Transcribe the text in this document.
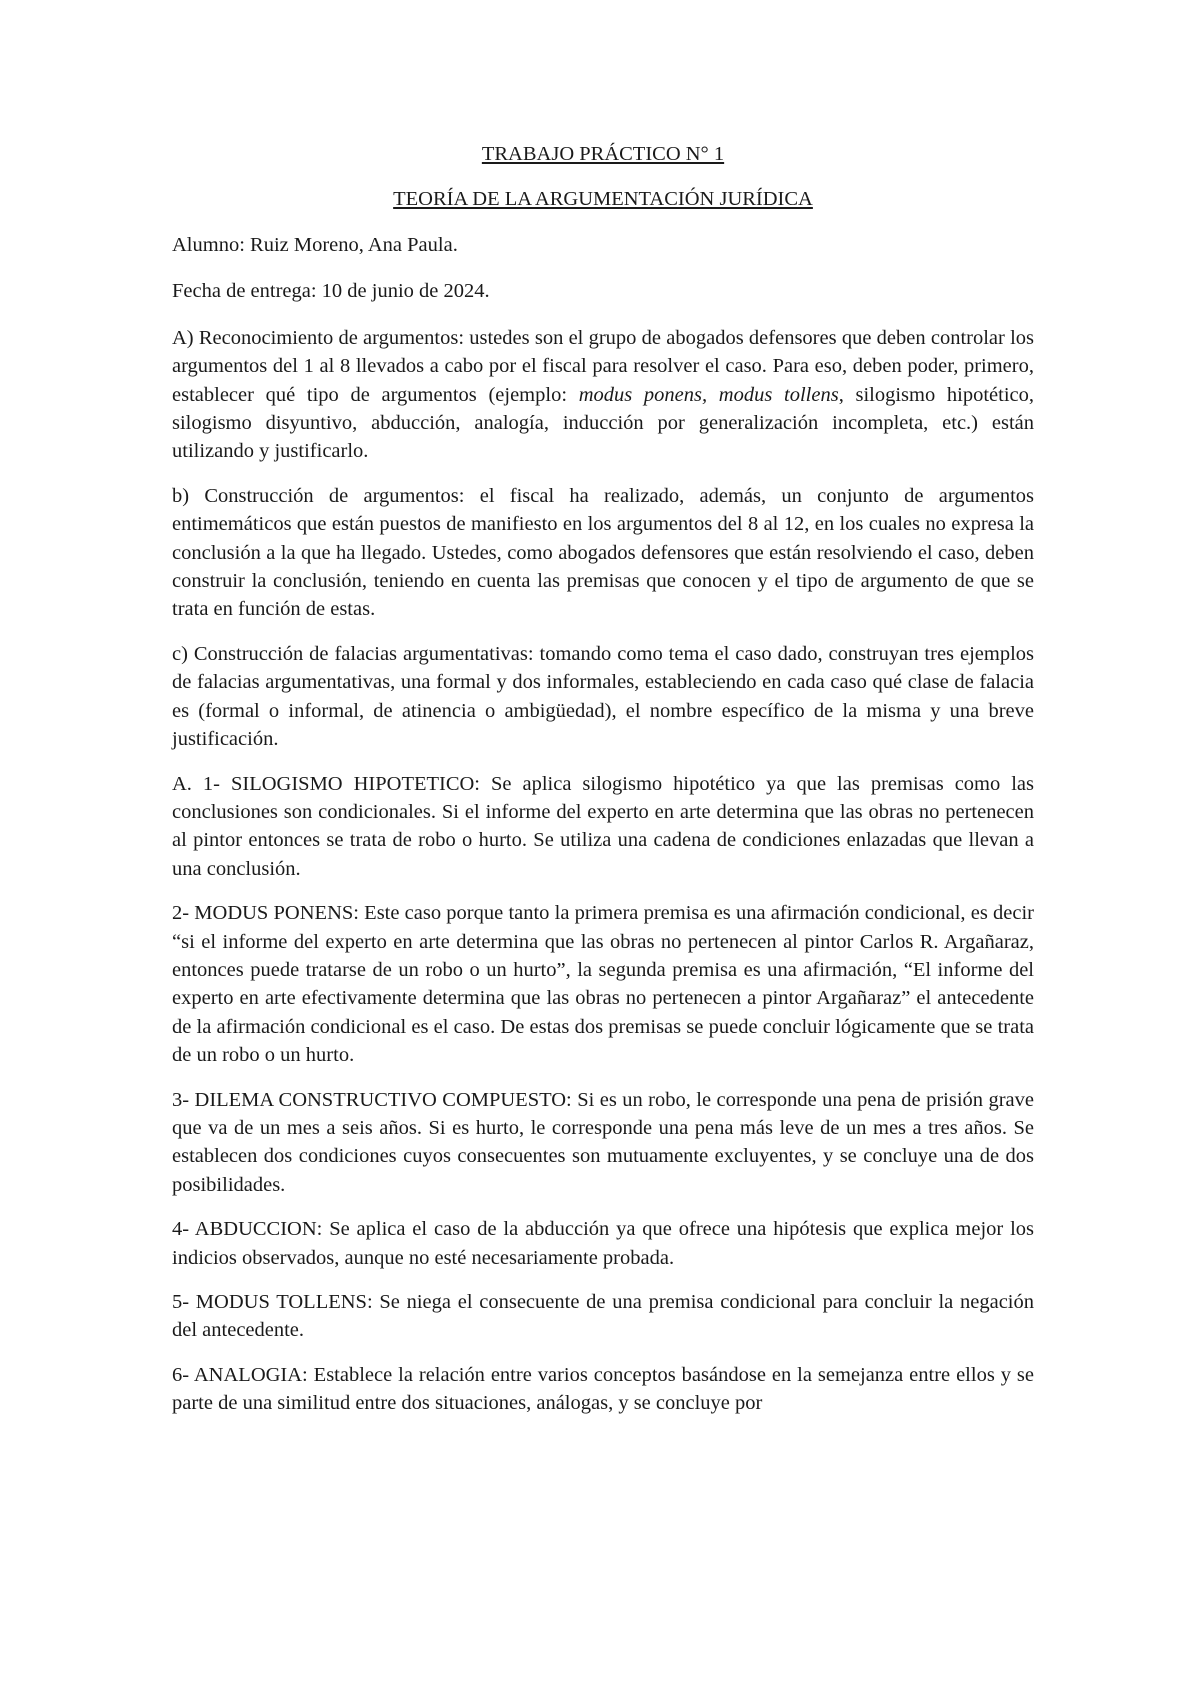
TRABAJO PRÁCTICO N° 1
TEORÍA DE LA ARGUMENTACIÓN JURÍDICA

Alumno: Ruiz Moreno, Ana Paula.

Fecha de entrega: 10 de junio de 2024.

A) Reconocimiento de argumentos: ustedes son el grupo de abogados defensores que deben controlar los argumentos del 1 al 8 llevados a cabo por el fiscal para resolver el caso. Para eso, deben poder, primero, establecer qué tipo de argumentos (ejemplo: modus ponens, modus tollens, silogismo hipotético, silogismo disyuntivo, abducción, analogía, inducción por generalización incompleta, etc.) están utilizando y justificarlo.

b) Construcción de argumentos: el fiscal ha realizado, además, un conjunto de argumentos entimemáticos que están puestos de manifiesto en los argumentos del 8 al 12, en los cuales no expresa la conclusión a la que ha llegado. Ustedes, como abogados defensores que están resolviendo el caso, deben construir la conclusión, teniendo en cuenta las premisas que conocen y el tipo de argumento de que se trata en función de estas.

c) Construcción de falacias argumentativas: tomando como tema el caso dado, construyan tres ejemplos de falacias argumentativas, una formal y dos informales, estableciendo en cada caso qué clase de falacia es (formal o informal, de atinencia o ambigüedad), el nombre específico de la misma y una breve justificación.

A. 1- SILOGISMO HIPOTETICO: Se aplica silogismo hipotético ya que las premisas como las conclusiones son condicionales. Si el informe del experto en arte determina que las obras no pertenecen al pintor entonces se trata de robo o hurto. Se utiliza una cadena de condiciones enlazadas que llevan a una conclusión.

2- MODUS PONENS: Este caso porque tanto la primera premisa es una afirmación condicional, es decir “si el informe del experto en arte determina que las obras no pertenecen al pintor Carlos R. Argañaraz, entonces puede tratarse de un robo o un hurto”, la segunda premisa es una afirmación, “El informe del experto en arte efectivamente determina que las obras no pertenecen a pintor Argañaraz” el antecedente de la afirmación condicional es el caso. De estas dos premisas se puede concluir lógicamente que se trata de un robo o un hurto.

3- DILEMA CONSTRUCTIVO COMPUESTO: Si es un robo, le corresponde una pena de prisión grave que va de un mes a seis años. Si es hurto, le corresponde una pena más leve de un mes a tres años. Se establecen dos condiciones cuyos consecuentes son mutuamente excluyentes, y se concluye una de dos posibilidades.

4- ABDUCCION: Se aplica el caso de la abducción ya que ofrece una hipótesis que explica mejor los indicios observados, aunque no esté necesariamente probada.

5- MODUS TOLLENS: Se niega el consecuente de una premisa condicional para concluir la negación del antecedente.

6- ANALOGIA: Establece la relación entre varios conceptos basándose en la semejanza entre ellos y se parte de una similitud entre dos situaciones, análogas, y se concluye por
